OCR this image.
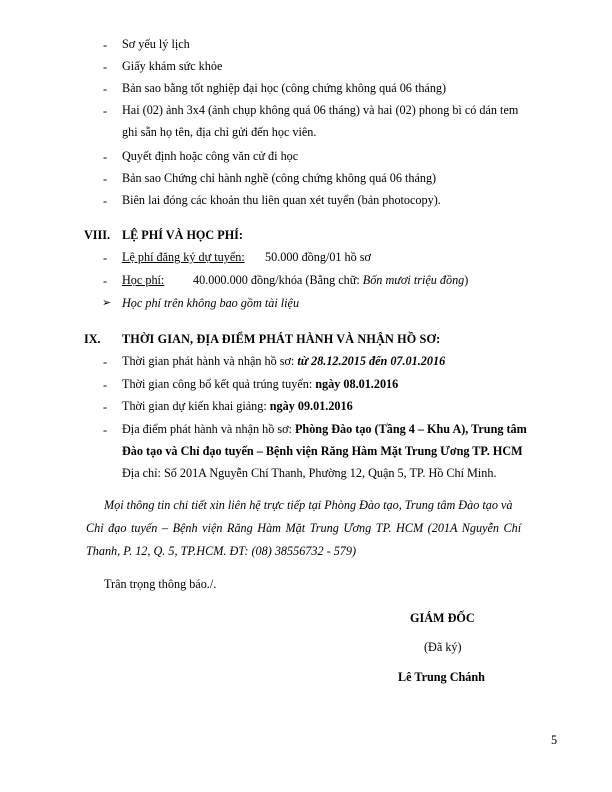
- Sơ yếu lý lịch
- Giấy khám sức khỏe
- Bản sao bằng tốt nghiệp đại học (công chứng không quá 06 tháng)
- Hai (02) ảnh 3x4 (ảnh chụp không quá 06 tháng) và hai (02) phong bì có dán tem
ghi sẵn họ tên, địa chỉ gửi đến học viên.
- Quyết định hoặc công văn cử đi học
- Bản sao Chứng chỉ hành nghề (công chứng không quá 06 tháng)
- Biên lai đóng các khoản thu liên quan xét tuyển (bản photocopy).
VIII. LỆ PHÍ VÀ HỌC PHÍ:
- Lệ phí đăng ký dự tuyển: 50.000 đồng/01 hồ sơ
- Học phí: 40.000.000 đồng/khóa (Bằng chữ: Bốn mươi triệu đồng)
➢ Học phí trên không bao gồm tài liệu
IX. THỜI GIAN, ĐỊA ĐIỂM PHÁT HÀNH VÀ NHẬN HỒ SƠ:
- Thời gian phát hành và nhận hồ sơ: từ 28.12.2015 đến 07.01.2016
- Thời gian công bố kết quả trúng tuyển: ngày 08.01.2016
- Thời gian dự kiến khai giảng: ngày 09.01.2016
- Địa điểm phát hành và nhận hồ sơ: Phòng Đào tạo (Tầng 4 – Khu A), Trung tâm
Đào tạo và Chỉ đạo tuyến – Bệnh viện Răng Hàm Mặt Trung Ương TP. HCM
Địa chỉ: Số 201A Nguyễn Chí Thanh, Phường 12, Quận 5, TP. Hồ Chí Minh.
Mọi thông tin chi tiết xin liên hệ trực tiếp tại Phòng Đào tạo, Trung tâm Đào tạo và
Chỉ đạo tuyến – Bệnh viện Răng Hàm Mặt Trung Ương TP. HCM (201A Nguyễn Chí
Thanh, P. 12, Q. 5, TP.HCM. ĐT: (08) 38556732 - 579)
Trân trọng thông báo./.
GIÁM ĐỐC
(Đã ký)
Lê Trung Chánh
5
